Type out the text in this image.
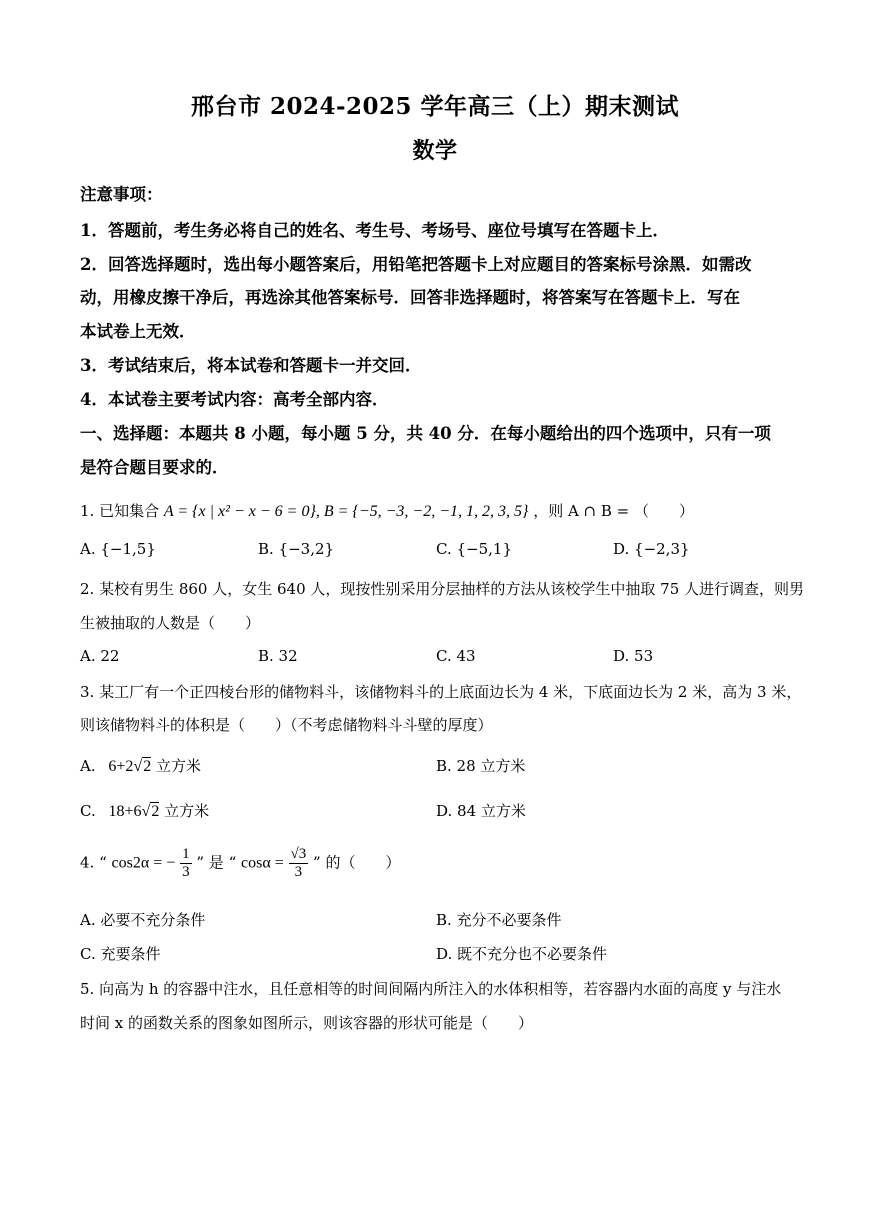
邢台市 2024-2025 学年高三（上）期末测试
数学
注意事项：
1．答题前，考生务必将自己的姓名、考生号、考场号、座位号填写在答题卡上．
2．回答选择题时，选出每小题答案后，用铅笔把答题卡上对应题目的答案标号涂黑．如需改
动，用橡皮擦干净后，再选涂其他答案标号．回答非选择题时，将答案写在答题卡上．写在
本试卷上无效．
3．考试结束后，将本试卷和答题卡一并交回．
4．本试卷主要考试内容：高考全部内容．
一、选择题：本题共 8 小题，每小题 5 分，共 40 分．在每小题给出的四个选项中，只有一项
是符合题目要求的．
1. 已知集合 A = {x | x² − x − 6 = 0}, B = {−5, −3, −2, −1, 1, 2, 3, 5} ，则 A ∩ B = （　　）
A. {−1,5}	B. {−3,2}	C. {−5,1}	D. {−2,3}
2. 某校有男生 860 人，女生 640 人，现按性别采用分层抽样的方法从该校学生中抽取 75 人进行调查，则男
生被抽取的人数是（　　）
A. 22	B. 32	C. 43	D. 53
3. 某工厂有一个正四棱台形的储物料斗，该储物料斗的上底面边长为 4 米，下底面边长为 2 米，高为 3 米，
则该储物料斗的体积是（　　）（不考虑储物料斗斗壁的厚度）
A. 6+2√2 立方米	B. 28 立方米
C. 18+6√2 立方米	D. 84 立方米
4. “ cos2α = − $\frac{1}{3}$ ” 是 “ $\cos\alpha = \frac{√3}{3}$ ” 的（　　）
A. 必要不充分条件	B. 充分不必要条件
C. 充要条件	D. 既不充分也不必要条件
5. 向高为 h 的容器中注水，且任意相等的时间间隔内所注入的水体积相等，若容器内水面的高度 y 与注水
时间 x 的函数关系的图象如图所示，则该容器的形状可能是（　　）
